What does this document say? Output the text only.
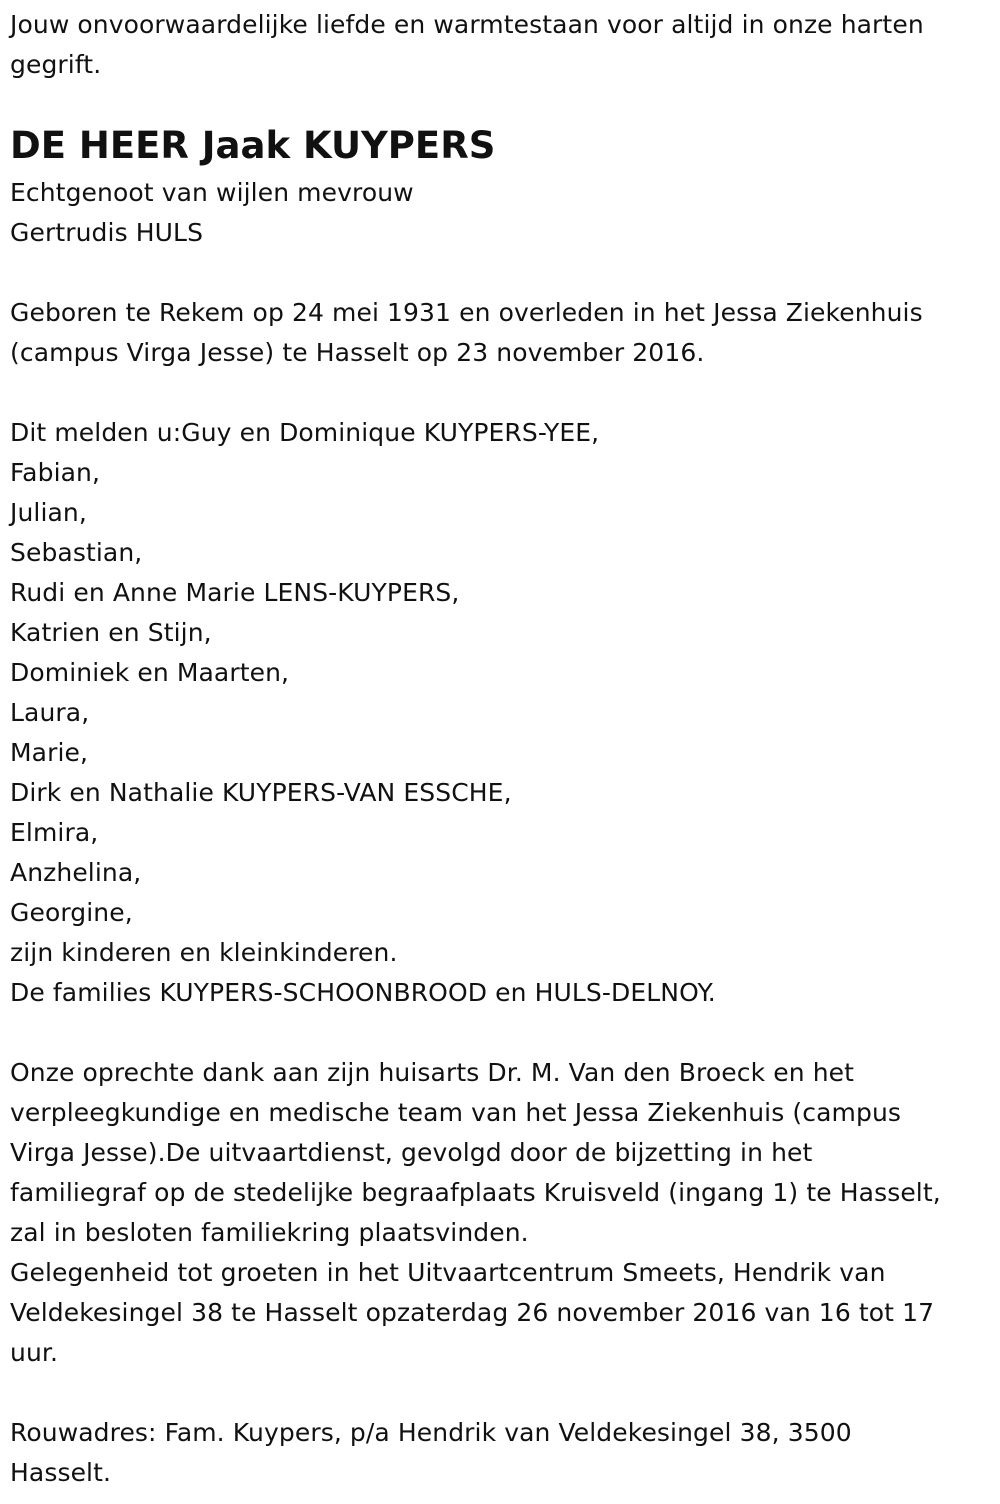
Jouw onvoorwaardelijke liefde en warmtestaan voor altijd in onze harten
gegrift.
DE HEER Jaak KUYPERS
Echtgenoot van wijlen mevrouw
Gertrudis HULS
Geboren te Rekem op 24 mei 1931 en overleden in het Jessa Ziekenhuis
(campus Virga Jesse) te Hasselt op 23 november 2016.
Dit melden u:Guy en Dominique KUYPERS-YEE,
Fabian,
Julian,
Sebastian,
Rudi en Anne Marie LENS-KUYPERS,
Katrien en Stijn,
Dominiek en Maarten,
Laura,
Marie,
Dirk en Nathalie KUYPERS-VAN ESSCHE,
Elmira,
Anzhelina,
Georgine,
zijn kinderen en kleinkinderen.
De families KUYPERS-SCHOONBROOD en HULS-DELNOY.
Onze oprechte dank aan zijn huisarts Dr. M. Van den Broeck en het
verpleegkundige en medische team van het Jessa Ziekenhuis (campus
Virga Jesse).De uitvaartdienst, gevolgd door de bijzetting in het
familiegraf op de stedelijke begraafplaats Kruisveld (ingang 1) te Hasselt,
zal in besloten familiekring plaatsvinden.
Gelegenheid tot groeten in het Uitvaartcentrum Smeets, Hendrik van
Veldekesingel 38 te Hasselt opzaterdag 26 november 2016 van 16 tot 17
uur.
Rouwadres: Fam. Kuypers, p/a Hendrik van Veldekesingel 38, 3500
Hasselt.
